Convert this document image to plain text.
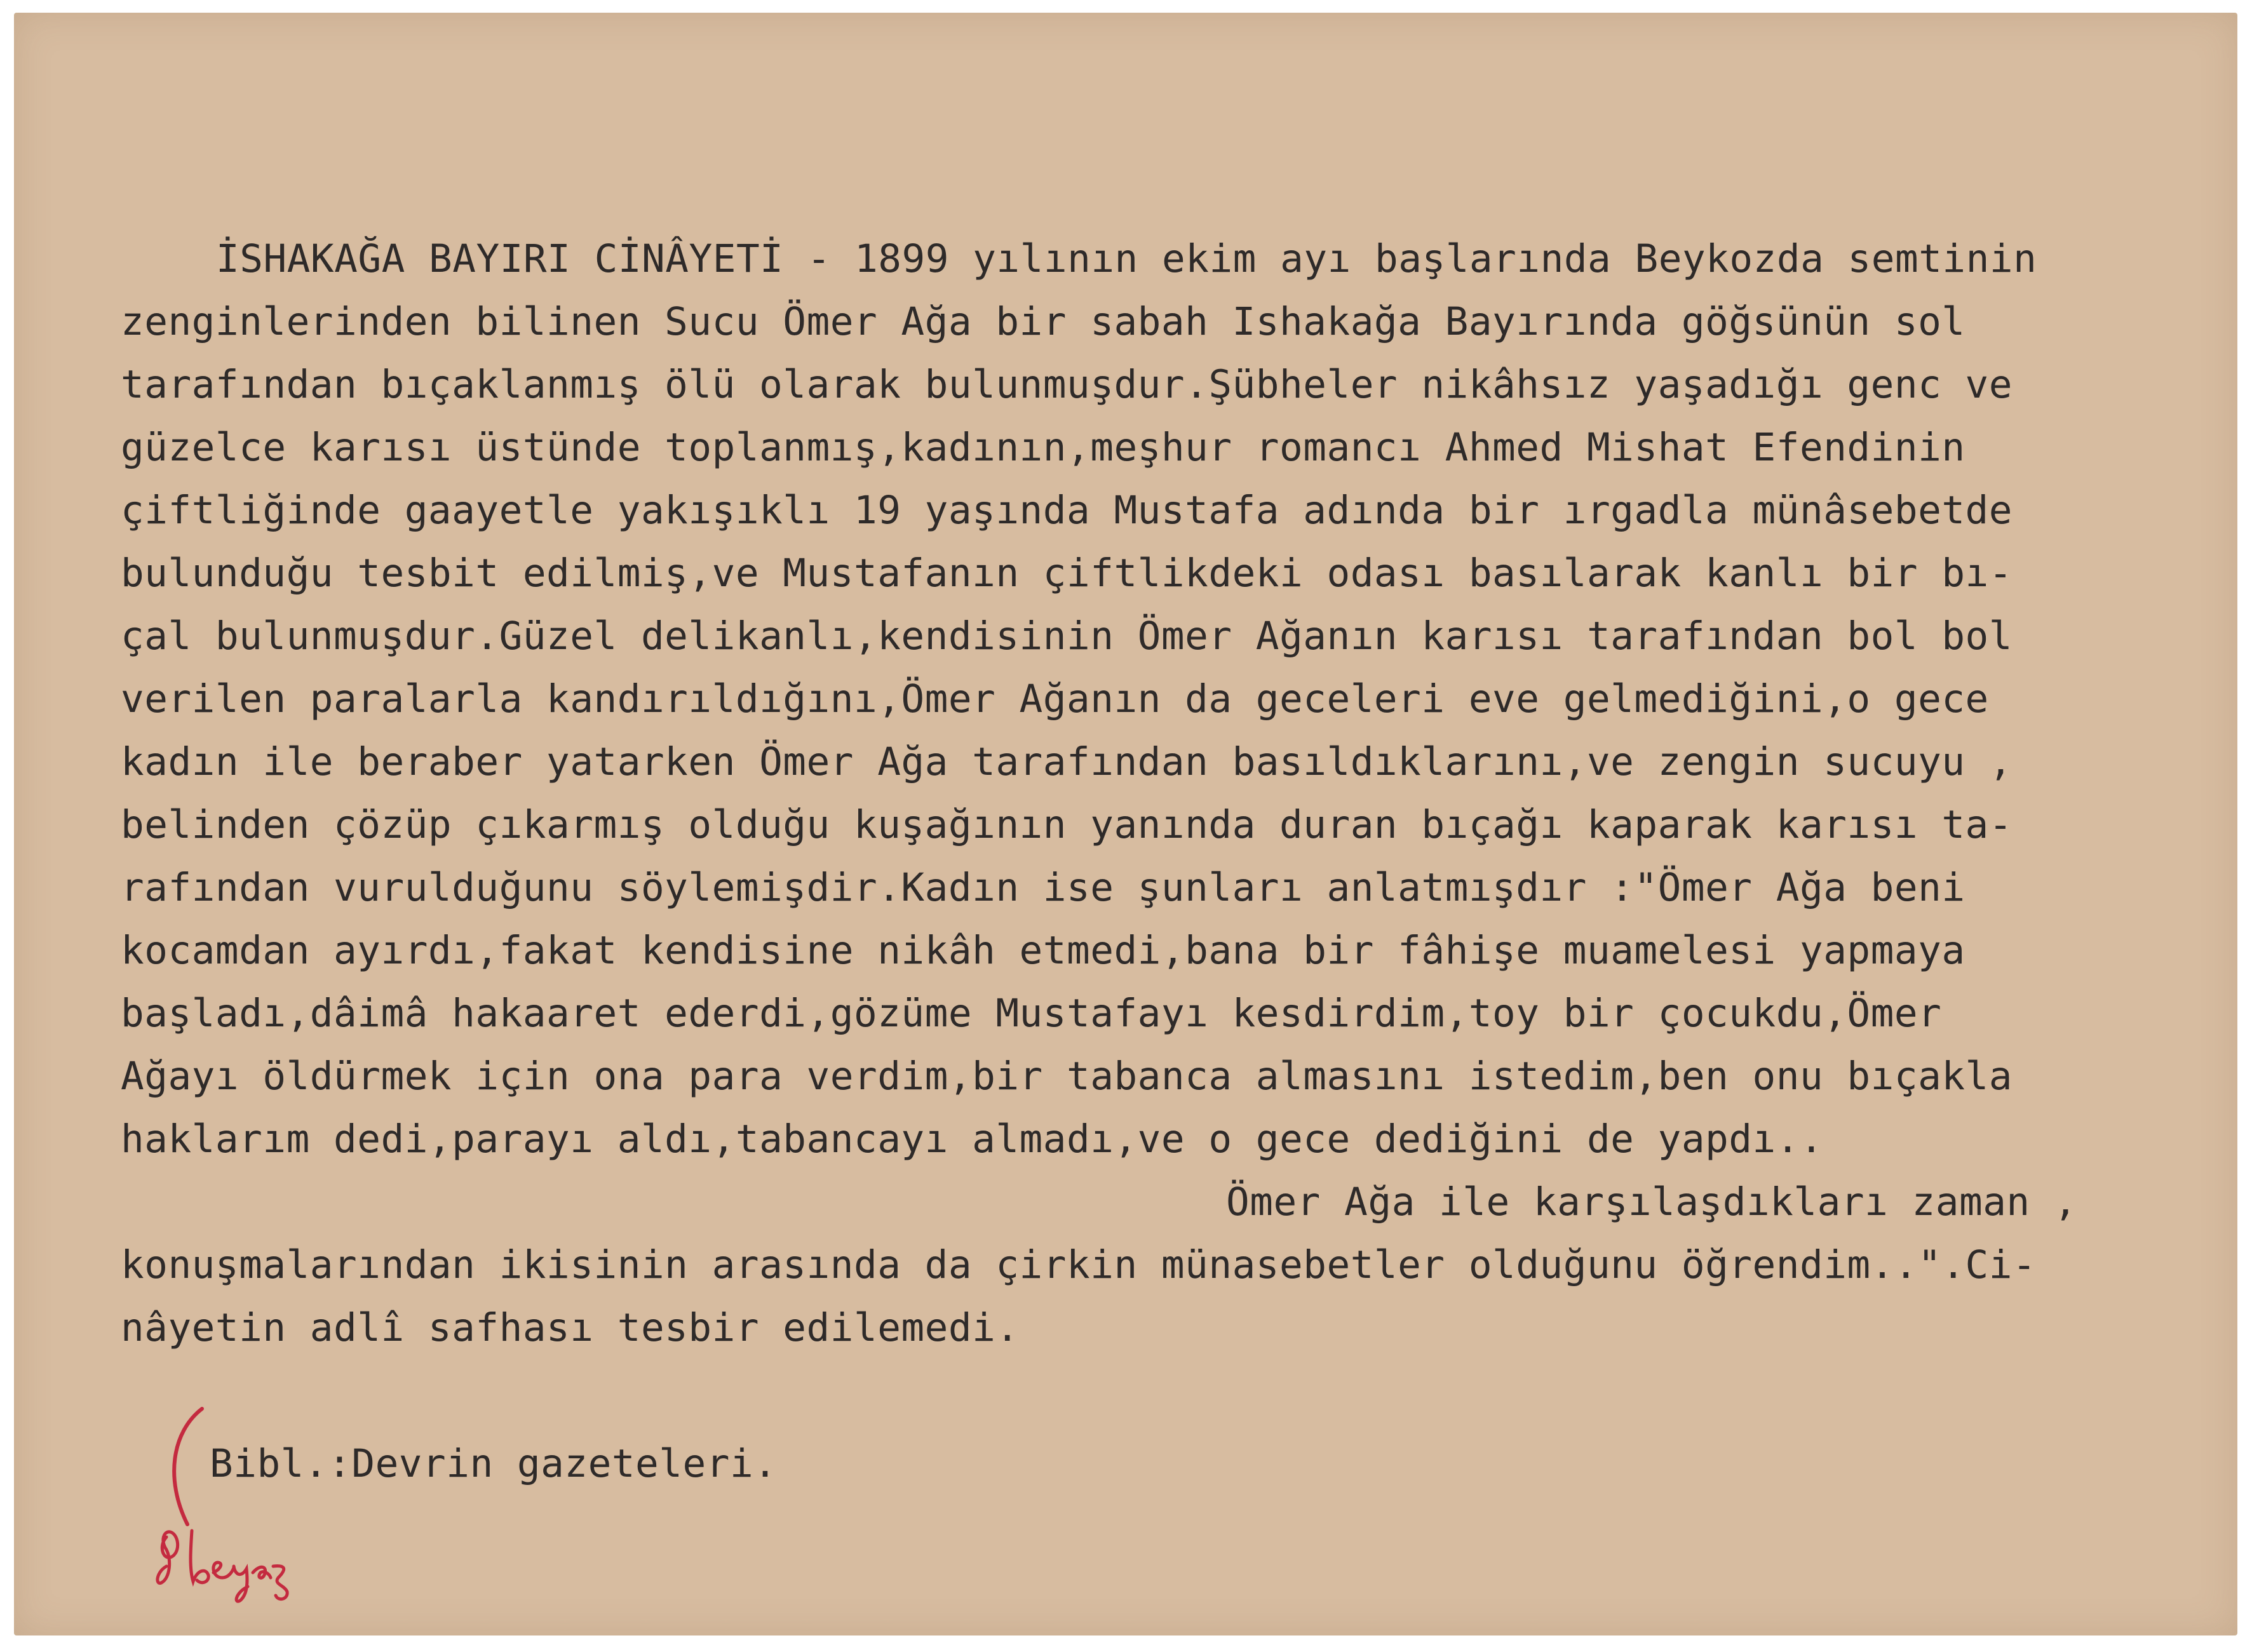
İSHAKAĞA BAYIRI CİNÂYETİ - 1899 yılının ekim ayı başlarında Beykozda semtinin
zenginlerinden bilinen Sucu Ömer Ağa bir sabah Ishakağa Bayırında göğsünün sol
tarafından bıçaklanmış ölü olarak bulunmuşdur.Şübheler nikâhsız yaşadığı genc ve
güzelce karısı üstünde toplanmış,kadının,meşhur romancı Ahmed Mishat Efendinin
çiftliğinde gaayetle yakışıklı 19 yaşında Mustafa adında bir ırgadla münâsebetde
bulunduğu tesbit edilmiş,ve Mustafanın çiftlikdeki odası basılarak kanlı bir bı-
çal bulunmuşdur.Güzel delikanlı,kendisinin Ömer Ağanın karısı tarafından bol bol
verilen paralarla kandırıldığını,Ömer Ağanın da geceleri eve gelmediğini,o gece
kadın ile beraber yatarken Ömer Ağa tarafından basıldıklarını,ve zengin sucuyu ,
belinden çözüp çıkarmış olduğu kuşağının yanında duran bıçağı kaparak karısı ta-
rafından vurulduğunu söylemişdir.Kadın ise şunları anlatmışdır :"Ömer Ağa beni
kocamdan ayırdı,fakat kendisine nikâh etmedi,bana bir fâhişe muamelesi yapmaya
başladı,dâimâ hakaaret ederdi,gözüme Mustafayı kesdirdim,toy bir çocukdu,Ömer
Ağayı öldürmek için ona para verdim,bir tabanca almasını istedim,ben onu bıçakla
haklarım dedi,parayı aldı,tabancayı almadı,ve o gece dediğini de yapdı..
Ömer Ağa ile karşılaşdıkları zaman ,
konuşmalarından ikisinin arasında da çirkin münasebetler olduğunu öğrendim..".Ci-
nâyetin adlî safhası tesbir edilemedi.
Bibl.:Devrin gazeteleri.
